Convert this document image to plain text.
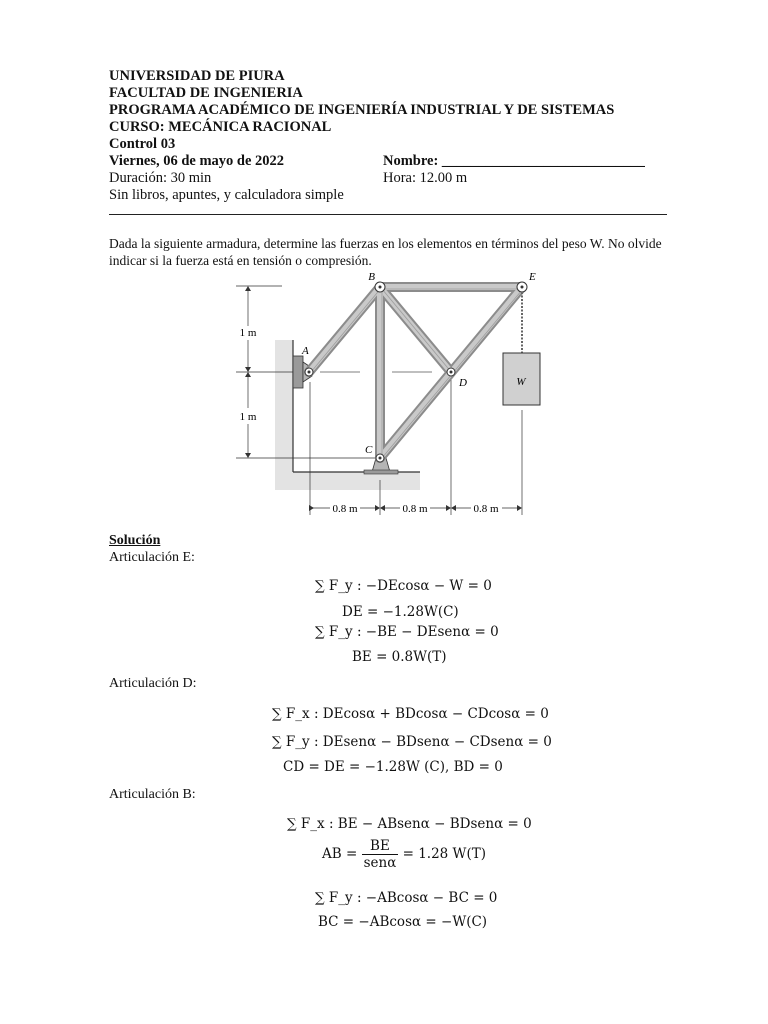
UNIVERSIDAD DE PIURA
FACULTAD DE INGENIERIA
PROGRAMA ACADÉMICO DE INGENIERÍA INDUSTRIAL Y DE SISTEMAS
CURSO: MECÁNICA RACIONAL
Control 03
Viernes, 06 de mayo de 2022	Nombre: ____________________________
Duración: 30 min	Hora: 12.00 m
Sin libros, apuntes, y calculadora simple
Dada la siguiente armadura, determine las fuerzas en los elementos en términos del peso W. No olvide indicar si la fuerza está en tensión o compresión.
1 m
1 m
0.8 m	0.8 m	0.8 m
B	E
A
D
C
W
Solución
Articulación E:
∑ F_y : −DEcosα − W = 0
DE = −1.28W(C)
∑ F_y : −BE − DEsenα = 0
BE = 0.8W(T)
Articulación D:
∑ F_x : DEcosα + BDcosα − CDcosα = 0
∑ F_y : DEsenα − BDsenα − CDsenα = 0
CD = DE = −1.28W (C), BD = 0
Articulación B:
∑ F_x : BE − ABsenα − BDsenα = 0
AB = $\frac{BE}{\text{senα}} = 1.28$ W(T)
∑ F_y : −ABcosα − BC = 0
BC = −ABcosα = −W(C)
